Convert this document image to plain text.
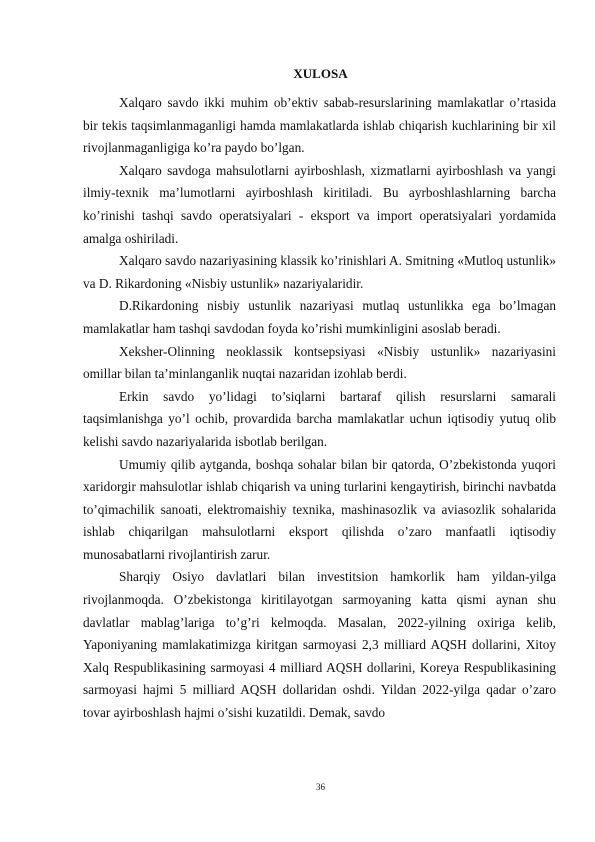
XULOSA

Xalqaro savdo ikki muhim ob’ektiv sabab-resurslarining mamlakatlar o’rtasida bir tekis taqsimlanmaganligi hamda mamlakatlarda ishlab chiqarish kuchlarining bir xil rivojlanmaganligiga ko’ra paydo bo’lgan.

Xalqaro savdoga mahsulotlarni ayirboshlash, xizmatlarni ayirboshlash va yangi ilmiy-texnik ma’lumotlarni ayirboshlash kiritiladi. Bu ayrboshlashlarning barcha ko’rinishi tashqi savdo operatsiyalari - eksport va import operatsiyalari yordamida amalga oshiriladi.

Xalqaro savdo nazariyasining klassik ko’rinishlari A. Smitning «Mutloq ustunlik» va D. Rikardoning «Nisbiy ustunlik» nazariyalaridir.

D.Rikardoning nisbiy ustunlik nazariyasi mutlaq ustunlikka ega bo’lmagan mamlakatlar ham tashqi savdodan foyda ko’rishi mumkinligini asoslab beradi.

Xeksher-Olinning neoklassik kontsepsiyasi «Nisbiy ustunlik» nazariyasini omillar bilan ta’minlanganlik nuqtai nazaridan izohlab berdi.

Erkin savdo yo’lidagi to’siqlarni bartaraf qilish resurslarni samarali taqsimlanishga yo’l ochib, provardida barcha mamlakatlar uchun iqtisodiy yutuq olib kelishi savdo nazariyalarida isbotlab berilgan.

Umumiy qilib aytganda, boshqa sohalar bilan bir qatorda, O’zbekistonda yuqori xaridorgir mahsulotlar ishlab chiqarish va uning turlarini kengaytirish, birinchi navbatda to’qimachilik sanoati, elektromaishiy texnika, mashinasozlik va aviasozlik sohalarida ishlab chiqarilgan mahsulotlarni eksport qilishda o’zaro manfaatli iqtisodiy munosabatlarni rivojlantirish zarur.

Sharqiy Osiyo davlatlari bilan investitsion hamkorlik ham yildan-yilga rivojlanmoqda. O’zbekistonga kiritilayotgan sarmoyaning katta qismi aynan shu davlatlar mablag’lariga to’g’ri kelmoqda. Masalan, 2022-yilning oxiriga kelib, Yaponiyaning mamlakatimizga kiritgan sarmoyasi 2,3 milliard AQSH dollarini, Xitoy Xalq Respublikasining sarmoyasi 4 milliard AQSH dollarini, Koreya Respublikasining sarmoyasi hajmi 5 milliard AQSH dollaridan oshdi. Yildan 2022-yilga qadar o’zaro tovar ayirboshlash hajmi o’sishi kuzatildi. Demak, savdo

36
